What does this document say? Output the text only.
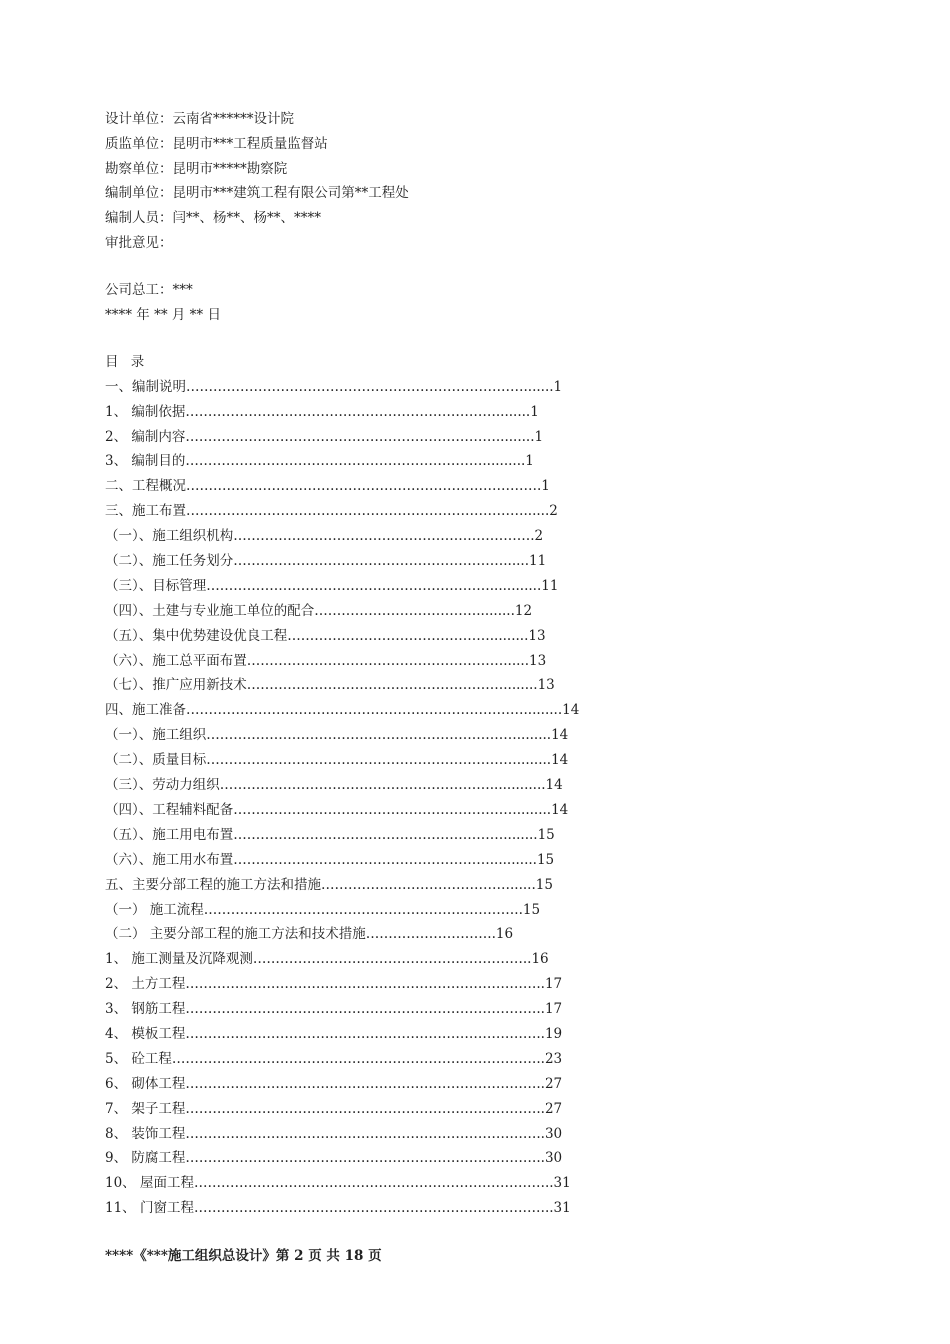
设计单位：云南省******设计院
质监单位：昆明市***工程质量监督站
勘察单位：昆明市*****勘察院
编制单位：昆明市***建筑工程有限公司第**工程处
编制人员：闫**、杨**、杨**、****
审批意见：
公司总工：***
**** 年 ** 月 ** 日
目 录
一、编制说明………………………………………………………………….......1
1、 编制依据……………………………………………………………........1
2、 编制内容…………………………………………………………….........1
3、 编制目的…………………………………………………………..........1
二、工程概况…………………………………………………………………….1
三、施工布置…………………………………………………………………......2
（一）、施工组织机构………………………………………………………….2
（二）、施工任务划分……………………………………………………......11
（三）、目标管理………………………………………………………............11
（四）、土建与专业施工单位的配合……………………………….........12
（五）、集中优势建设优良工程……………………………………….........13
（六）、施工总平面布置…………………………………………………......13
（七）、推广应用新技术…………………………………………………........13
四、施工准备………………………………………………………………….........14
（一）、施工组织……………………………………………………………........14
（二）、质量目标……………………………………………………………........14
（三）、劳动力组织…………………………………………………….............14
（四）、工程辅料配备………………………………………………………........14
（五）、施工用电布置……………………………………………………........15
（六）、施工用水布置…………………………………………………...........15
五、主要分部工程的施工方法和措施……………………………………......15
（一） 施工流程……………………………………………………………..15
（二） 主要分部工程的施工方法和技术措施………………………..16
1、 施工测量及沉降观测……………………………………………………..16
2、 土方工程……………………………………………………………………..17
3、 钢筋工程……………………………………………………………………..17
4、 模板工程……………………………………………………………………..19
5、 砼工程………………………………………………………………………..23
6、 砌体工程……………………………………………………………………..27
7、 架子工程……………………………………………………………………..27
8、 装饰工程……………………………………………………………………..30
9、 防腐工程……………………………………………………………………..30
10、 屋面工程……………………………………………………………………..31
11、 门窗工程……………………………………………………………………..31
****《***施工组织总设计》第 2 页 共 18 页
